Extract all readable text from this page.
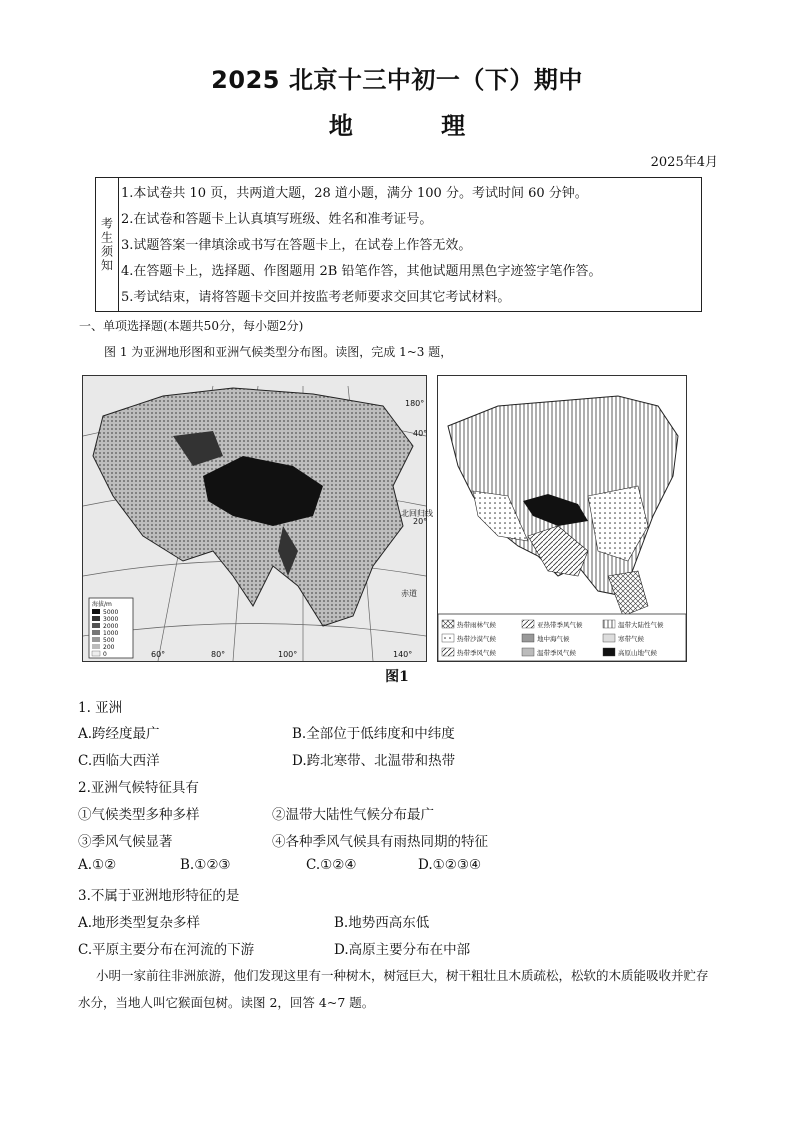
2025 北京十三中初一（下）期中
地 理
2025年4月
考生须知
1.本试卷共 10 页，共两道大题，28 道小题，满分 100 分。考试时间 60 分钟。
2.在试卷和答题卡上认真填写班级、姓名和准考证号。
3.试题答案一律填涂或书写在答题卡上，在试卷上作答无效。
4.在答题卡上，选择题、作图题用 2B 铅笔作答，其他试题用黑色字迹签字笔作答。
5.考试结束，请将答题卡交回并按监考老师要求交回其它考试材料。
一、单项选择题(本题共50分，每小题2分)
图 1 为亚洲地形图和亚洲气候类型分布图。读图，完成 1~3 题，
海拔/m
5000
3000
2000
1000
500
200
0	60°	80°	100°	140°
180°
40°
20°
北回归线
赤道
热带雨林气候	亚热带季风气候	温带大陆性气候
热带沙漠气候	地中海气候	寒带气候
热带季风气候	温带季风气候	高原山地气候
图1
1. 亚洲
A.跨经度最广	B.全部位于低纬度和中纬度
C.西临大西洋	D.跨北寒带、北温带和热带
2.亚洲气候特征具有
①气候类型多种多样	②温带大陆性气候分布最广
③季风气候显著	④各种季风气候具有雨热同期的特征
A.①②	B.①②③	C.①②④	D.①②③④
3.不属于亚洲地形特征的是
A.地形类型复杂多样	B.地势西高东低
C.平原主要分布在河流的下游	D.高原主要分布在中部
小明一家前往非洲旅游，他们发现这里有一种树木，树冠巨大，树干粗壮且木质疏松，松软的木质能吸收并贮存水分，当地人叫它猴面包树。读图 2，回答 4~7 题。
